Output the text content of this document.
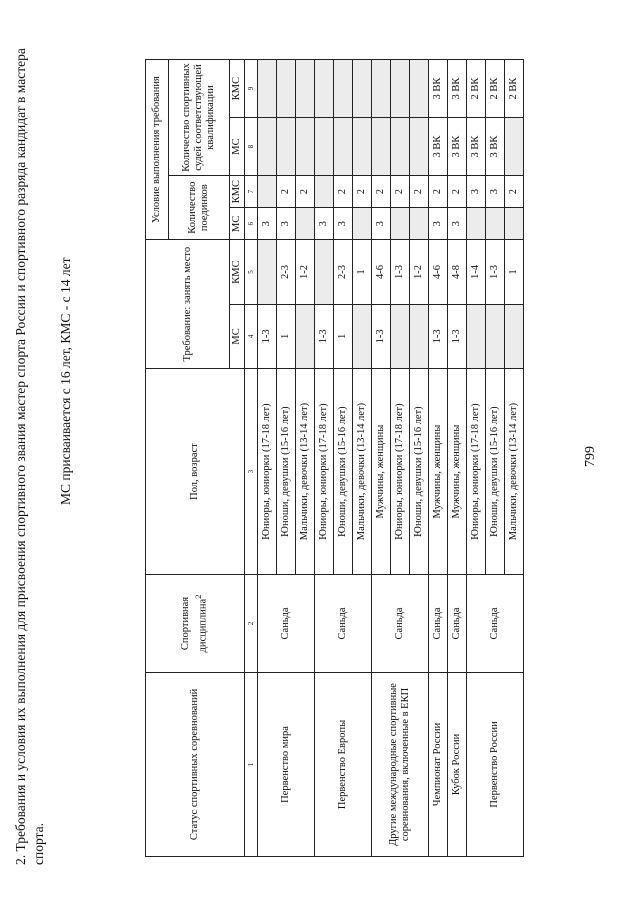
799
2. Требования и условия их выполнения для присвоения спортивного звания мастер спорта России и спортивного разряда кандидат в мастера спорта.
МС присваивается с 16 лет, КМС - с 14 лет
Статус спортивных соревнований	Спортивная дисциплина$^2$	Пол, возраст	Требование: занять место		Условие выполнения требования			
					Количество поединков		Количество спортивных судей соответствующей квалификации	
			МС	КМС	МС	КМС	МС	КМС
1	2	3	4	5	6	7	8	9
Первенство мира	Саньда	Юниоры, юниорки (17-18 лет)	1-3		3			
		Юноши, девушки (15-16 лет)	1	2-3	3	2		
		Мальчики, девочки (13-14 лет)		1-2		2		
Первенство Европы	Саньда	Юниоры, юниорки (17-18 лет)	1-3		3			
		Юноши, девушки (15-16 лет)	1	2-3	3	2		
		Мальчики, девочки (13-14 лет)		1		2		
Другие международные спортивные соревнования, включенные в ЕКП	Саньда	Мужчины, женщины	1-3	4-6	3	2		
		Юниоры, юниорки (17-18 лет)		1-3		2		
		Юноши, девушки (15-16 лет)		1-2		2		
Чемпионат России	Саньда	Мужчины, женщины	1-3	4-6	3	2	3 ВК	3 ВК
Кубок России	Саньда	Мужчины, женщины	1-3	4-8	3	2	3 ВК	3 ВК
Первенство России	Саньда	Юниоры, юниорки (17-18 лет)		1-4		3	3 ВК	2 ВК
		Юноши, девушки (15-16 лет)		1-3		3	3 ВК	2 ВК
		Мальчики, девочки (13-14 лет)		1		2		2 ВК
